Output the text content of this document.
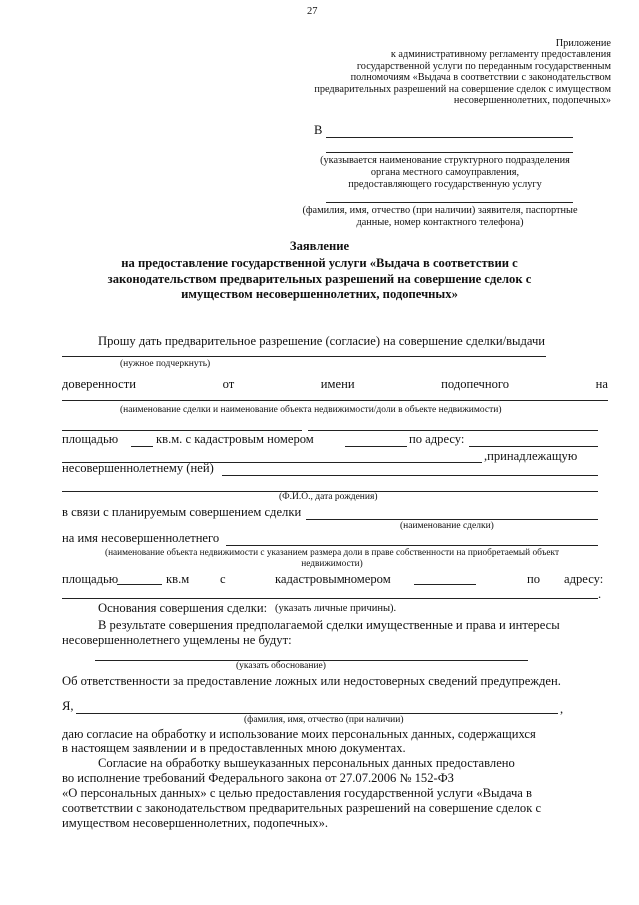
27
Приложение
к административному регламенту предоставления
государственной услуги по переданным государственным
полномочиям «Выдача в соответствии с законодательством
предварительных разрешений на совершение сделок с имуществом
несовершеннолетних, подопечных»
В
(указывается наименование структурного подразделения
органа местного самоуправления,
предоставляющего государственную услугу
(фамилия, имя, отчество (при наличии) заявителя, паспортные
данные, номер контактного телефона)
Заявление
на предоставление государственной услуги «Выдача в соответствии с
законодательством предварительных разрешений на совершение сделок с
имуществом несовершеннолетних, подопечных»
Прошу дать предварительное разрешение (согласие) на совершение сделки/выдачи
(нужное подчеркнуть)
доверенности	от	имени	подопечного	на
(наименование сделки и наименование объекта недвижимости/доли в объекте недвижимости)
площадью	кв.м. с кадастровым номером	по адресу:
,принадлежащую
несовершеннолетнему (ней)
(Ф.И.О., дата рождения)
в связи с планируемым совершением сделки
(наименование сделки)
на имя несовершеннолетнего
(наименование объекта недвижимости с указанием размера доли в праве собственности на приобретаемый объект
недвижимости)
площадью	кв.м с	кадастровым номером	по адресу:
.
Основания совершения сделки: (указать личные причины).
В результате совершения предполагаемой сделки имущественные и права и интересы
несовершеннолетнего ущемлены не будут:
(указать обоснование)
Об ответственности за предоставление ложных или недостоверных сведений предупрежден.
Я,	,
(фамилия, имя, отчество (при наличии)
даю согласие на обработку и использование моих персональных данных, содержащихся
в настоящем заявлении и в предоставленных мною документах.
Согласие на обработку вышеуказанных персональных данных предоставлено
во исполнение требований Федерального закона от 27.07.2006 № 152-ФЗ
«О персональных данных» с целью предоставления государственной услуги «Выдача в
соответствии с законодательством предварительных разрешений на совершение сделок с
имуществом несовершеннолетних, подопечных».
